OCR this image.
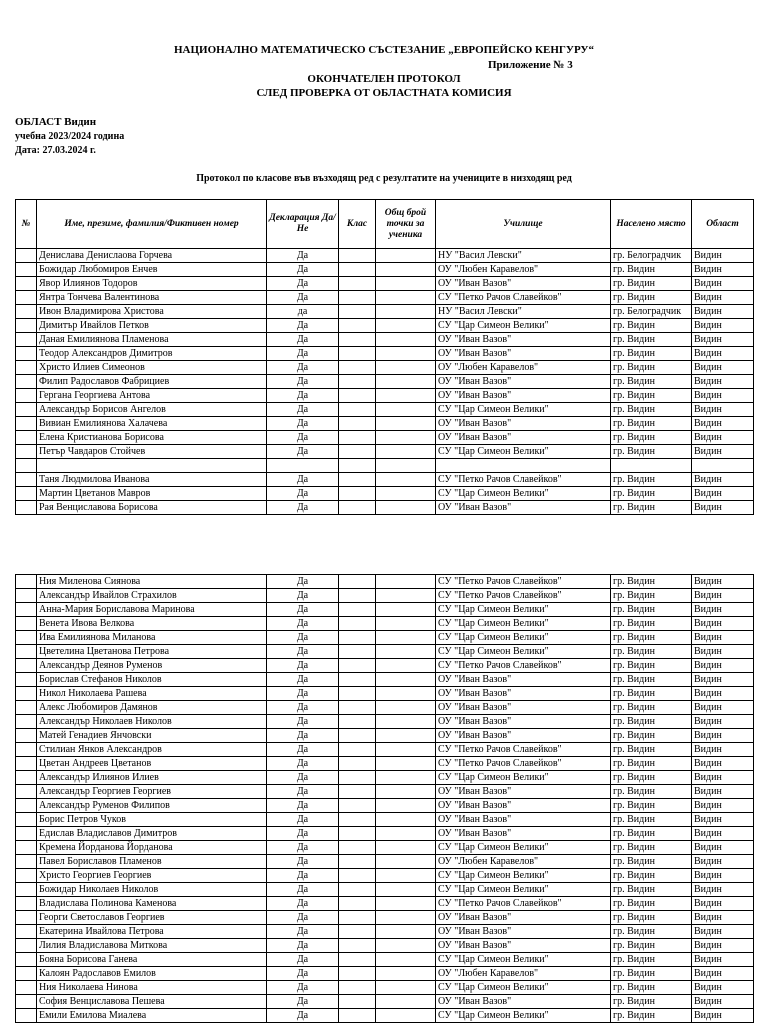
НАЦИОНАЛНО МАТЕМАТИЧЕСКО СЪСТЕЗАНИЕ „ЕВРОПЕЙСКО КЕНГУРУ“
Приложение № 3
ОКОНЧАТЕЛЕН ПРОТОКОЛ
СЛЕД ПРОВЕРКА ОТ ОБЛАСТНАТА КОМИСИЯ
ОБЛАСТ Видин
учебна 2023/2024 година
Дата: 27.03.2024 г.
Протокол по класове във възходящ ред с резултатите на учениците в низходящ ред
№	Име, презиме, фамилия/Фиктивен номер	Декларация Да/Не	Клас	Общ брой точки за ученика	Училище	Населено място	Област
	Денислава Денислаова Горчева	Да			НУ "Васил Левски"	гр. Белоградчик	Видин
	Божидар Любомиров Енчев	Да			ОУ "Любен Каравелов"	гр. Видин	Видин
	Явор Илиянов Тодоров	Да			ОУ "Иван Вазов"	гр. Видин	Видин
	Янтра Тончева Валентинова	Да			СУ "Петко Рачов Славейков"	гр. Видин	Видин
	Ивон Владимирова Христова	да			НУ "Васил Левски"	гр. Белоградчик	Видин
	Димитър Ивайлов Петков	Да			СУ "Цар Симеон Велики"	гр. Видин	Видин
	Даная Емилиянова Пламенова	Да			ОУ "Иван Вазов"	гр. Видин	Видин
	Теодор Александров Димитров	Да			ОУ "Иван Вазов"	гр. Видин	Видин
	Христо Илиев Симеонов	Да			ОУ "Любен Каравелов"	гр. Видин	Видин
	Филип Радославов Фабрициев	Да			ОУ "Иван Вазов"	гр. Видин	Видин
	Гергана Георгиева Антова	Да			ОУ "Иван Вазов"	гр. Видин	Видин
	Александър Борисов Ангелов	Да			СУ "Цар Симеон Велики"	гр. Видин	Видин
	Вивиан Емилиянова Халачева	Да			ОУ "Иван Вазов"	гр. Видин	Видин
	Елена Кристианова Борисова	Да			ОУ "Иван Вазов"	гр. Видин	Видин
	Петър Чавдаров Стойчев	Да			СУ "Цар Симеон Велики"	гр. Видин	Видин

	Таня Людмилова Иванова	Да			СУ "Петко Рачов Славейков"	гр. Видин	Видин
	Мартин Цветанов Мавров	Да			СУ "Цар Симеон Велики"	гр. Видин	Видин
	Рая Венциславова Борисова	Да			ОУ "Иван Вазов"	гр. Видин	Видин
	Ния Миленова Сиянова	Да			СУ "Петко Рачов Славейков"	гр. Видин	Видин
	Александър Ивайлов Страхилов	Да			СУ "Петко Рачов Славейков"	гр. Видин	Видин
	Анна-Мария Бориславова Маринова	Да			СУ "Цар Симеон Велики"	гр. Видин	Видин
	Венета Ивова Велкова	Да			СУ "Цар Симеон Велики"	гр. Видин	Видин
	Ива Емилиянова Миланова	Да			СУ "Цар Симеон Велики"	гр. Видин	Видин
	Цветелина Цветанова Петрова	Да			СУ "Цар Симеон Велики"	гр. Видин	Видин
	Александър Деянов Руменов	Да			СУ "Петко Рачов Славейков"	гр. Видин	Видин
	Борислав Стефанов Николов	Да			ОУ "Иван Вазов"	гр. Видин	Видин
	Никол Николаева Рашева	Да			ОУ "Иван Вазов"	гр. Видин	Видин
	Алекс Любомиров Дамянов	Да			ОУ "Иван Вазов"	гр. Видин	Видин
	Александър Николаев Николов	Да			ОУ "Иван Вазов"	гр. Видин	Видин
	Матей Генадиев Янчовски	Да			ОУ "Иван Вазов"	гр. Видин	Видин
	Стилиан Янков Александров	Да			СУ "Петко Рачов Славейков"	гр. Видин	Видин
	Цветан Андреев Цветанов	Да			СУ "Петко Рачов Славейков"	гр. Видин	Видин
	Александър Илиянов Илиев	Да			СУ "Цар Симеон Велики"	гр. Видин	Видин
	Александър Георгиев Георгиев	Да			ОУ "Иван Вазов"	гр. Видин	Видин
	Александър Руменов Филипов	Да			ОУ "Иван Вазов"	гр. Видин	Видин
	Борис Петров Чуков	Да			ОУ "Иван Вазов"	гр. Видин	Видин
	Едислав Владиславов Димитров	Да			ОУ "Иван Вазов"	гр. Видин	Видин
	Кремена Йорданова Йорданова	Да			СУ "Цар Симеон Велики"	гр. Видин	Видин
	Павел Бориславов Пламенов	Да			ОУ "Любен Каравелов"	гр. Видин	Видин
	Христо Георгиев Георгиев	Да			СУ "Цар Симеон Велики"	гр. Видин	Видин
	Божидар Николаев Николов	Да			СУ "Цар Симеон Велики"	гр. Видин	Видин
	Владислава Полинова Каменова	Да			СУ "Петко Рачов Славейков"	гр. Видин	Видин
	Георги Светославов Георгиев	Да			ОУ "Иван Вазов"	гр. Видин	Видин
	Екатерина Ивайлова Петрова	Да			ОУ "Иван Вазов"	гр. Видин	Видин
	Лилия Владиславова Миткова	Да			ОУ "Иван Вазов"	гр. Видин	Видин
	Бояна Борисова Ганева	Да			СУ "Цар Симеон Велики"	гр. Видин	Видин
	Калоян Радославов Емилов	Да			ОУ "Любен Каравелов"	гр. Видин	Видин
	Ния Николаева Нинова	Да			СУ "Цар Симеон Велики"	гр. Видин	Видин
	София Венциславова Пешева	Да			ОУ "Иван Вазов"	гр. Видин	Видин
	Емили Емилова Миалева	Да			СУ "Цар Симеон Велики"	гр. Видин	Видин
